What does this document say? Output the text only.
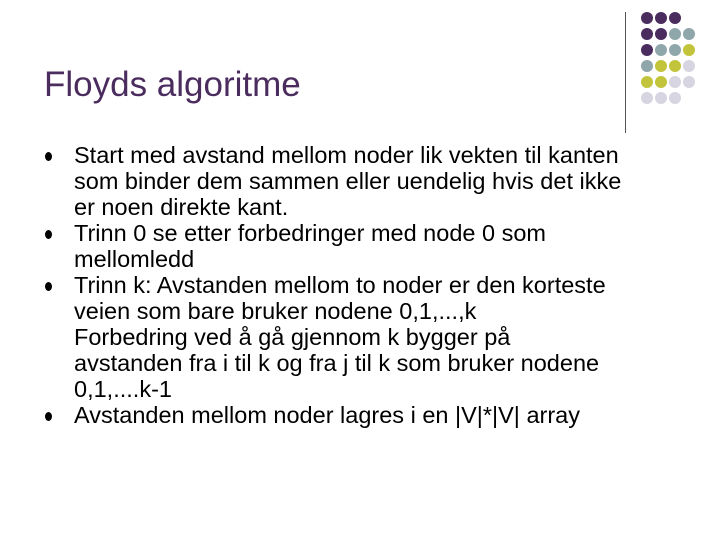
Floyds algoritme
Start med avstand mellom noder lik vekten til kanten
som binder dem sammen eller uendelig hvis det ikke
er noen direkte kant.
Trinn 0 se etter forbedringer med node 0 som
mellomledd
Trinn k: Avstanden mellom to noder er den korteste
veien som bare bruker nodene 0,1,...,k
Forbedring ved å gå gjennom k bygger på
avstanden fra i til k og fra j til k som bruker nodene
0,1,....k-1
Avstanden mellom noder lagres i en |V|*|V| array
